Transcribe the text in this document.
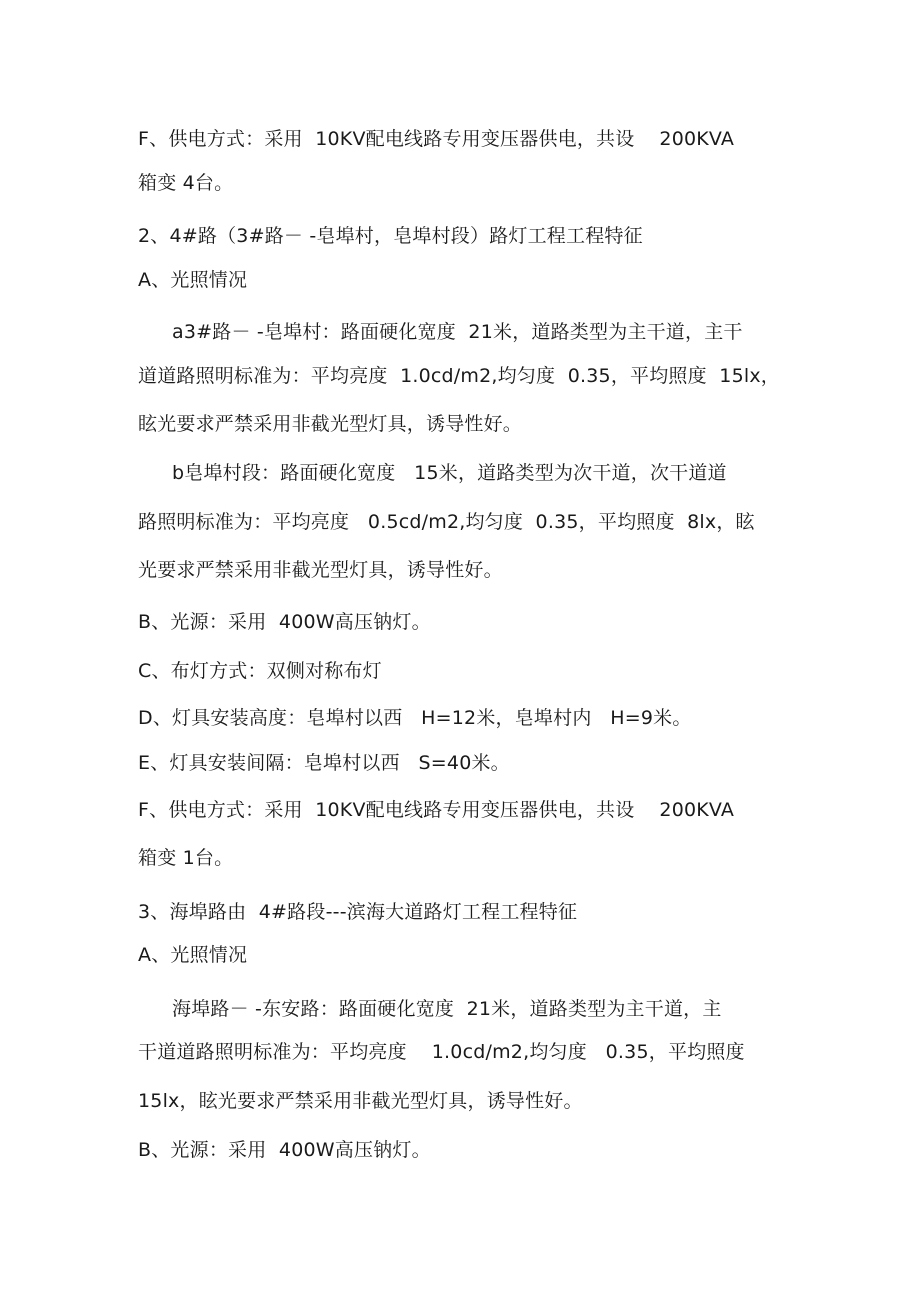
F、供电方式：采用  10KV配电线路专用变压器供电，共设    200KVA
箱变 4台。
2、4#路（3#路－ -皂埠村，皂埠村段）路灯工程工程特征
A、光照情况
a3#路－ -皂埠村：路面硬化宽度  21米，道路类型为主干道，主干
道道路照明标准为：平均亮度  1.0cd/m2,均匀度  0.35，平均照度  15lx，
眩光要求严禁采用非截光型灯具，诱导性好。
b皂埠村段：路面硬化宽度   15米，道路类型为次干道，次干道道
路照明标准为：平均亮度   0.5cd/m2,均匀度  0.35，平均照度  8lx，眩
光要求严禁采用非截光型灯具，诱导性好。
B、光源：采用  400W高压钠灯。
C、布灯方式：双侧对称布灯
D、灯具安装高度：皂埠村以西   H=12米，皂埠村内   H=9米。
E、灯具安装间隔：皂埠村以西   S=40米。
F、供电方式：采用  10KV配电线路专用变压器供电，共设    200KVA
箱变 1台。
3、海埠路由  4#路段---滨海大道路灯工程工程特征
A、光照情况
海埠路－ -东安路：路面硬化宽度  21米，道路类型为主干道，主
干道道路照明标准为：平均亮度    1.0cd/m2,均匀度   0.35，平均照度
15lx，眩光要求严禁采用非截光型灯具，诱导性好。
B、光源：采用  400W高压钠灯。
